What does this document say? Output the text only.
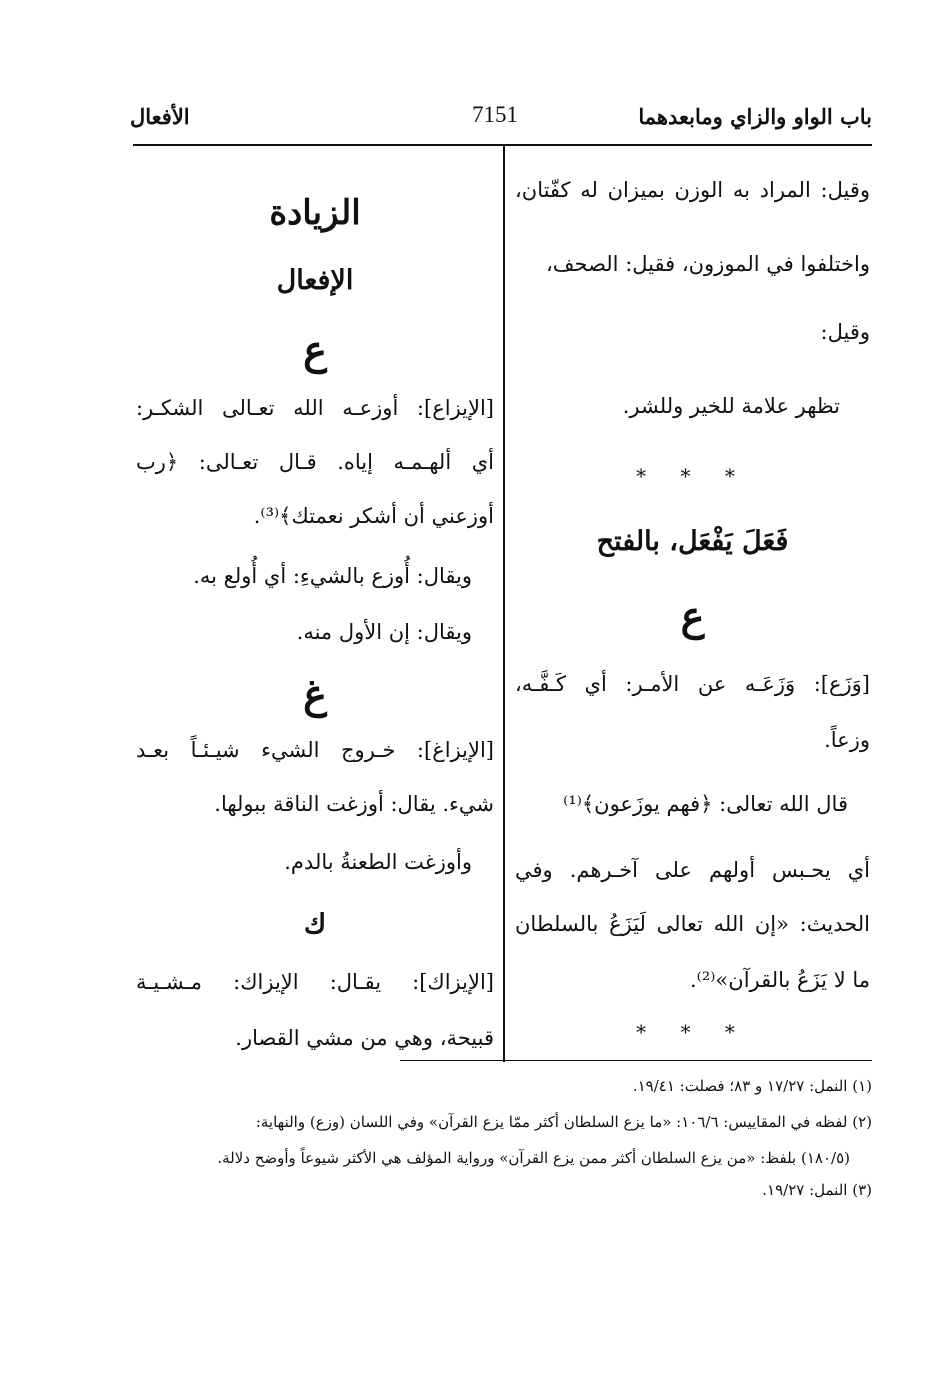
باب الواو والزاي ومابعدهما
7151
الأفعال
وقيل: المراد به الوزن بميزان له كفّتان،
واختلفوا في الموزون، فقيل: الصحف،
وقيل:
تظهر علامة للخير وللشر.
* * *
فَعَلَ يَفْعَل، بالفتح
ع
[وَزَع]: وَزَعَـه عن الأمـر: أي كَـفَّـه،
وزعاً.
قال الله تعالى: ﴿فهم يوزَعون﴾⁽¹⁾
أي يحـبس أولهم على آخـرهم. وفي
الحديث: «إن الله تعالى لَيَزَعُ بالسلطان
ما لا يَزَعُ بالقرآن»⁽²⁾.
* * *
الزيادة
الإفعال
ع
[الإيزاع]: أوزعـه الله تعـالى الشكـر:
أي ألهـمـه إياه. قـال تعـالى: ﴿رب
أوزعني أن أشكر نعمتك﴾⁽³⁾.
ويقال: أُوزع بالشيءِ: أي أُولع به.
ويقال: إن الأول منه.
غ
[الإيزاغ]: خـروج الشيء شيـئـاً بعـد
شيء. يقال: أوزغت الناقة ببولها.
وأوزغت الطعنةُ بالدم.
ك
[الإيزاك]: يقـال: الإيزاك: مـشـيـة
قبيحة، وهي من مشي القصار.
(١) النمل: ١٧/٢٧ و ٨٣؛ فصلت: ١٩/٤١.
(٢) لفظه في المقاييس: ١٠٦/٦: «ما يزع السلطان أكثر ممّا يزع القرآن» وفي اللسان (وزع) والنهاية:
(١٨٠/٥) بلفظ: «من يزع السلطان أكثر ممن يزع القرآن» ورواية المؤلف هي الأكثر شيوعاً وأوضح دلالة.
(٣) النمل: ١٩/٢٧.
